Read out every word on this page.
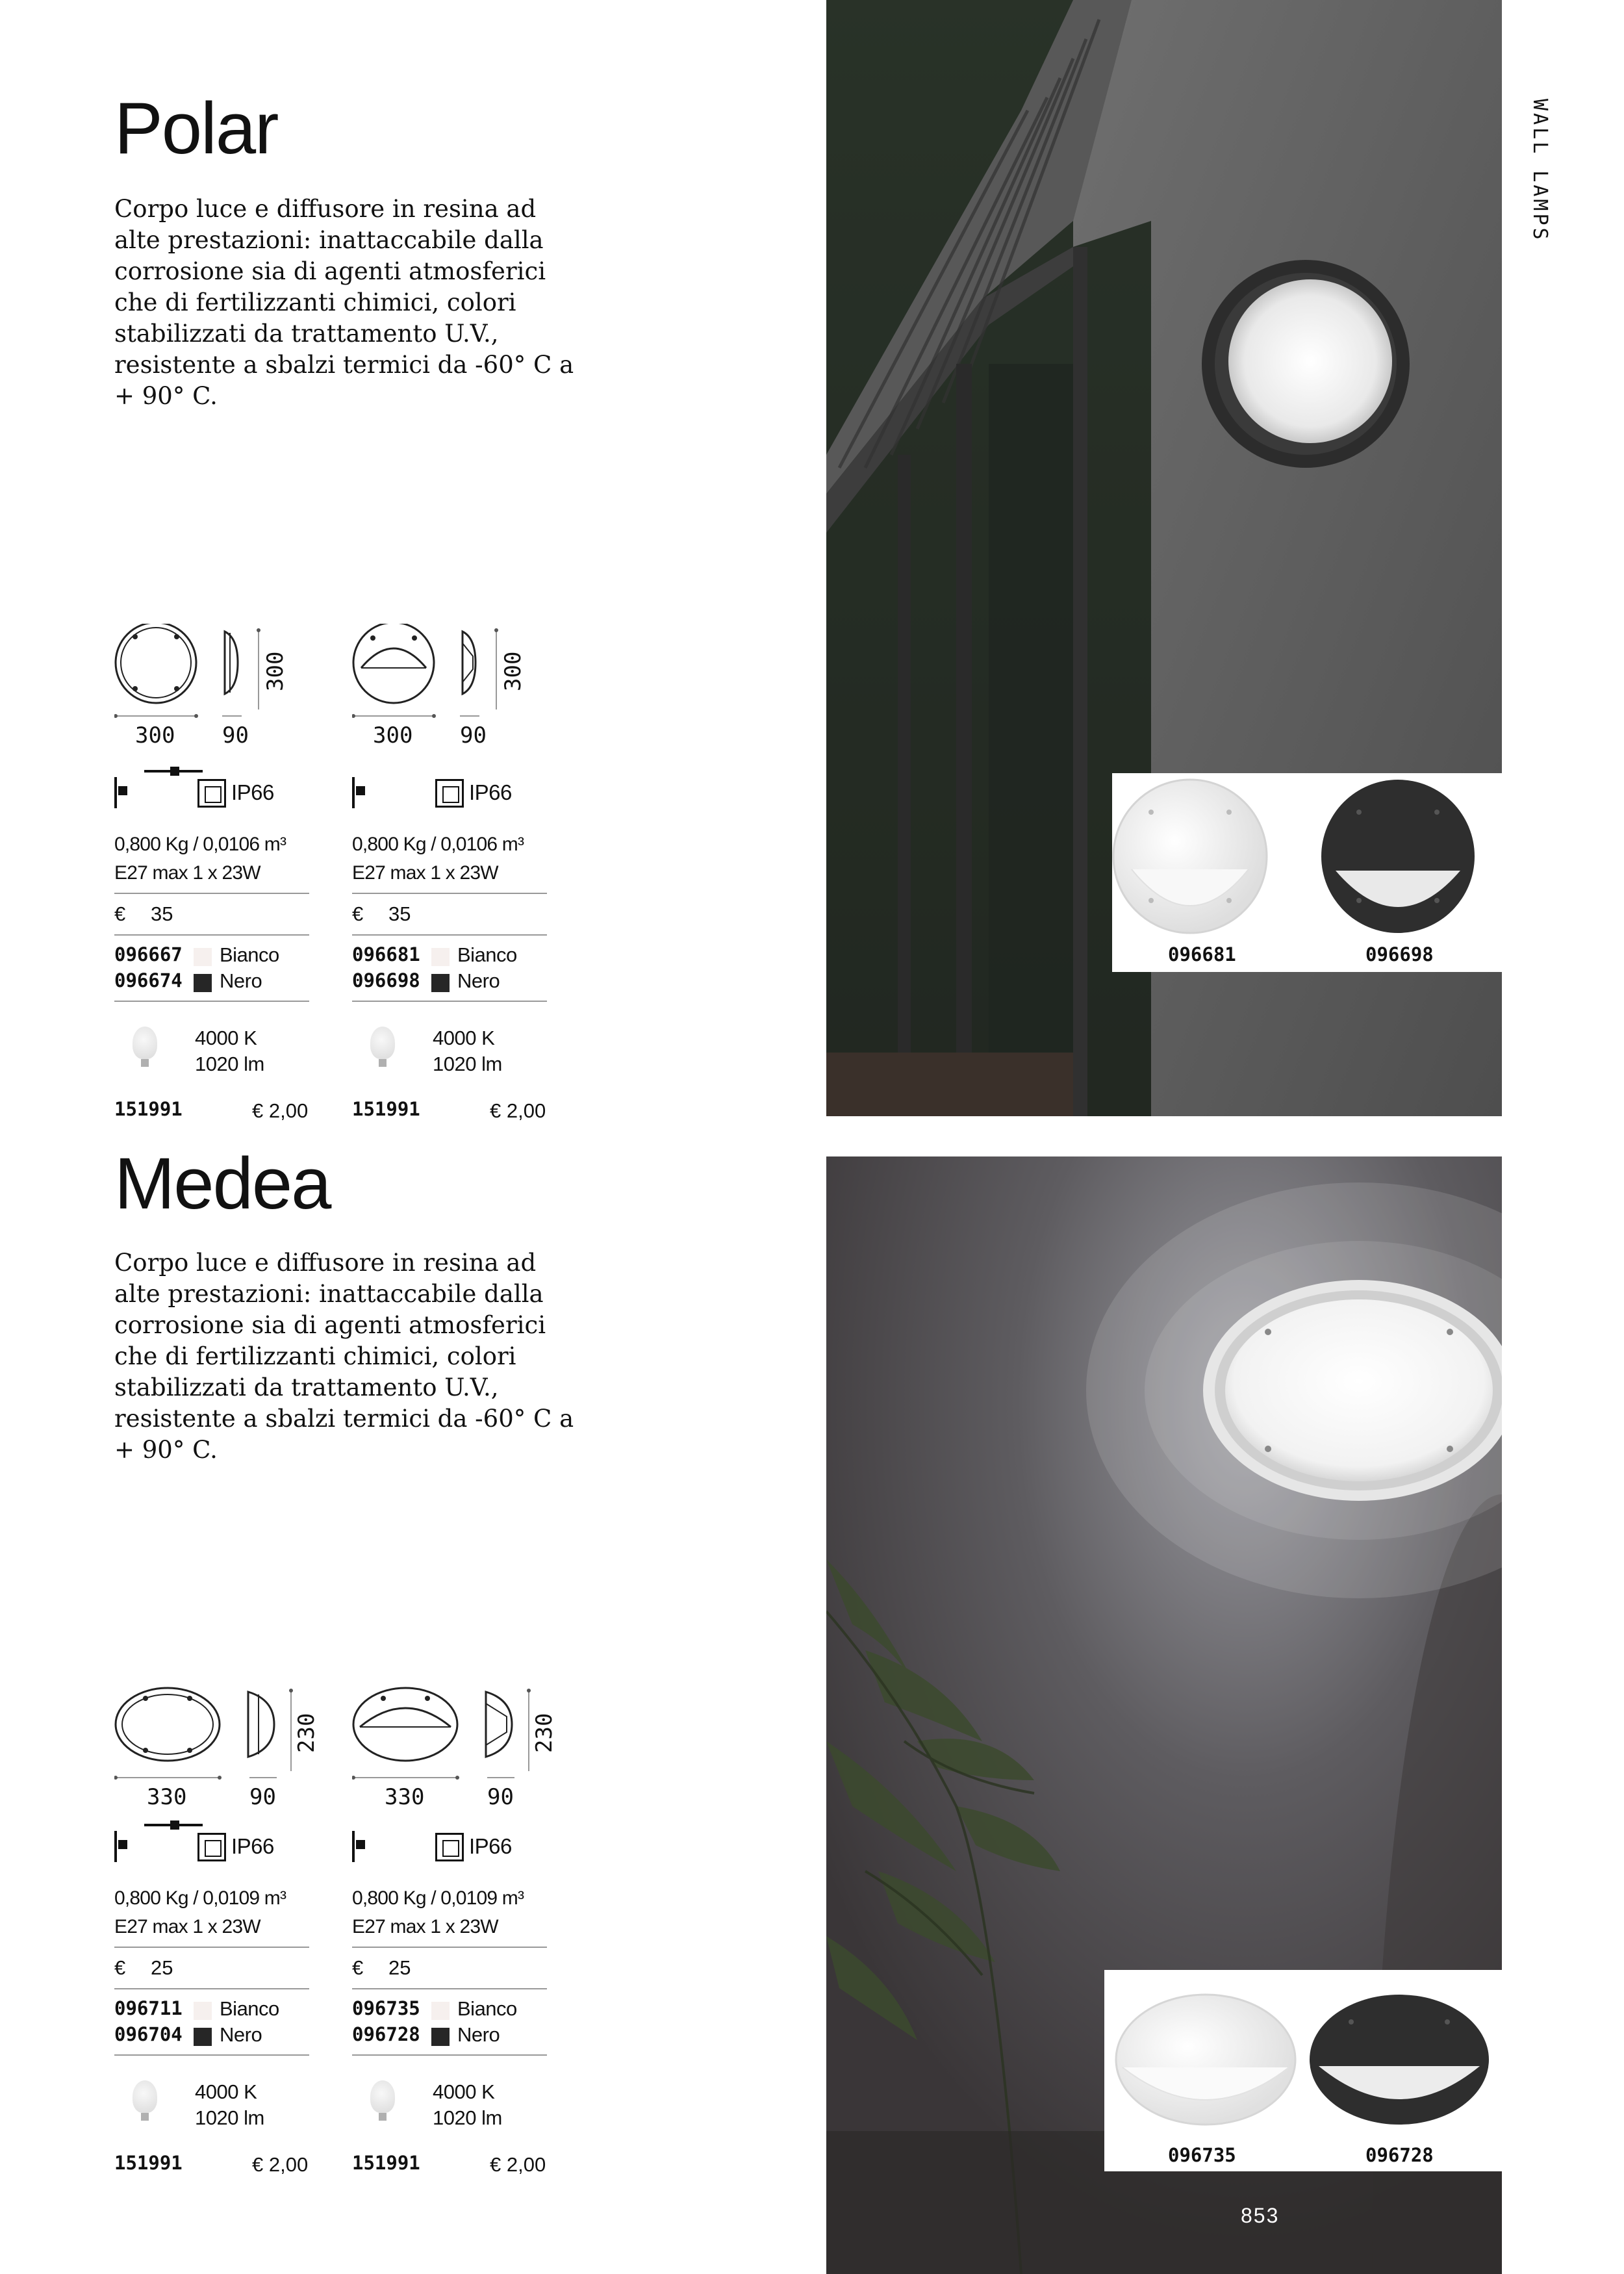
Polar

Corpo luce e diffusore in resina ad alte prestazioni: inattaccabile dalla corrosione sia di agenti atmosferici che di fertilizzanti chimici, colori stabilizzati da trattamento U.V., resistente a sbalzi termici da -60° C a + 90° C.

300 90
300
300 90
300
IP66
0,800 Kg / 0,0106 m³
E27 max 1 x 23W
€ 35
096667 Bianco
096674 Nero
4000 K
1020 lm
151991	€ 2,00
IP66
0,800 Kg / 0,0106 m³
E27 max 1 x 23W
€ 35
096681 Bianco
096698 Nero
4000 K
1020 lm
151991	€ 2,00
096681	096698
Medea

Corpo luce e diffusore in resina ad alte prestazioni: inattaccabile dalla corrosione sia di agenti atmosferici che di fertilizzanti chimici, colori stabilizzati da trattamento U.V., resistente a sbalzi termici da -60° C a + 90° C.

330	90
230
330	90
230
IP66
0,800 Kg / 0,0109 m³
E27 max 1 x 23W
€ 25
096711 Bianco
096704 Nero
4000 K
1020 lm
151991	€ 2,00
IP66
0,800 Kg / 0,0109 m³
E27 max 1 x 23W
€ 25
096735 Bianco
096728 Nero
4000 K
1020 lm
151991	€ 2,00	096735	096728
WALL LAMPS
853
